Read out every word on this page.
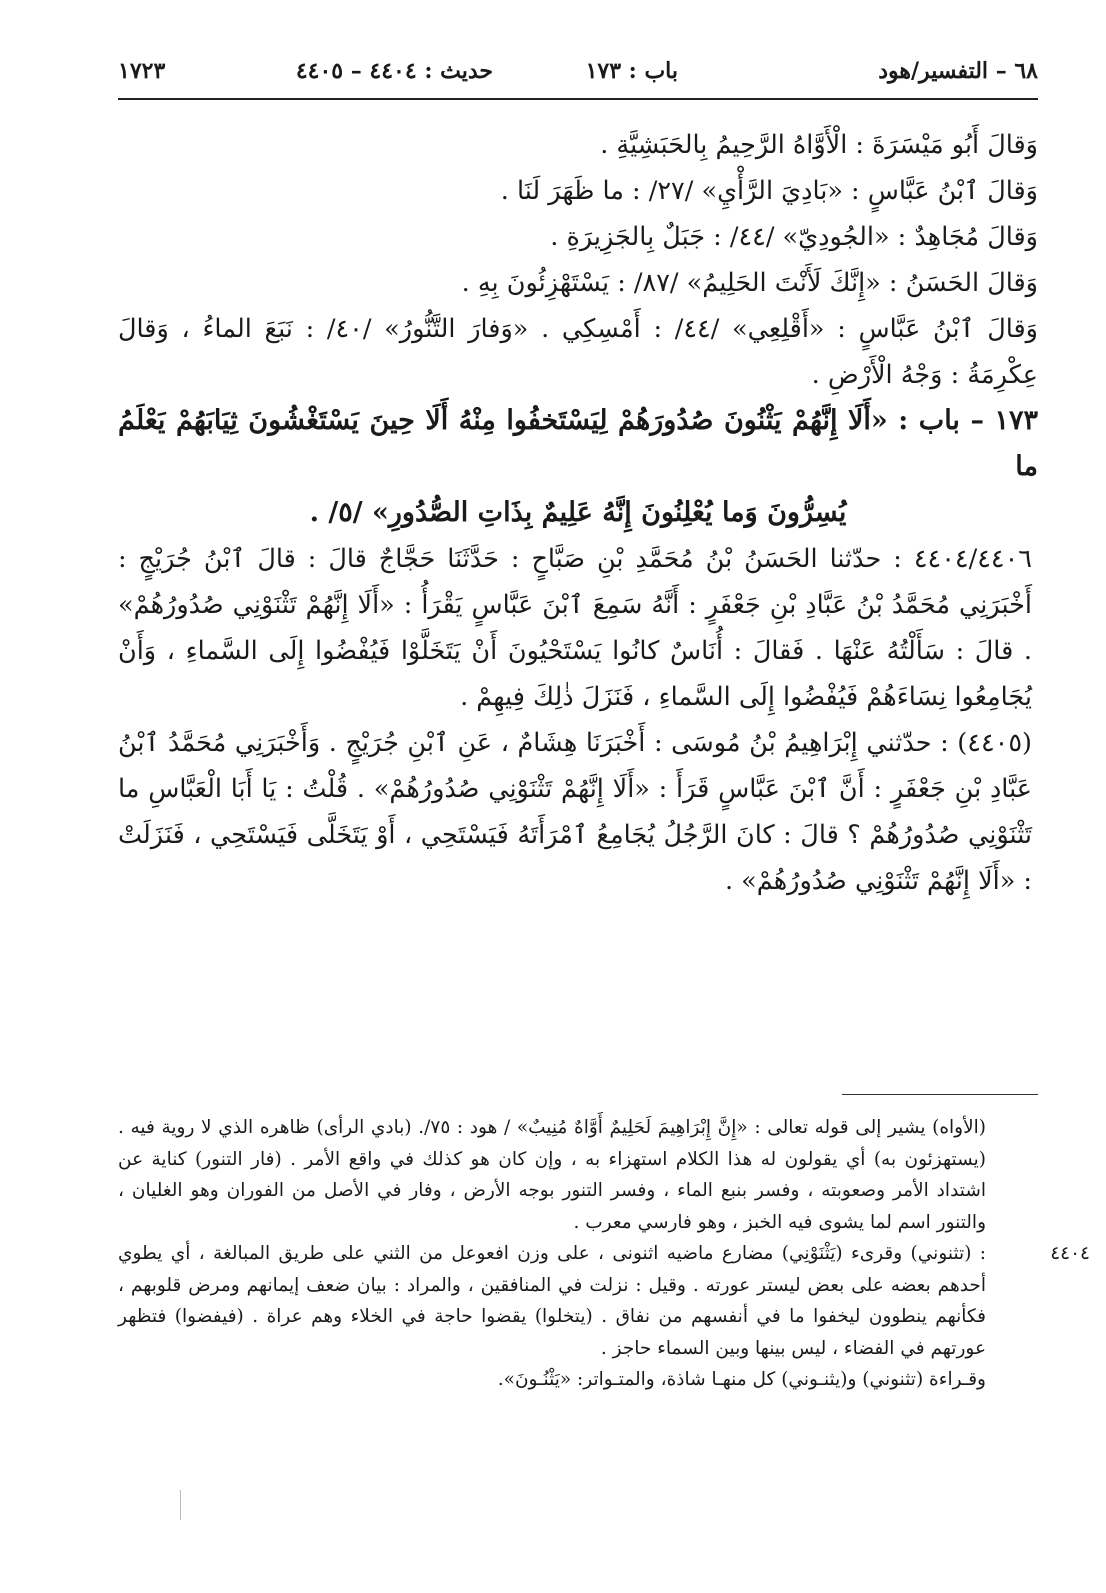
٦٨ – التفسير/هود
باب : ١٧٣
حديث : ٤٤٠٤ – ٤٤٠٥
١٧٢٣

وَقالَ أَبُو مَيْسَرَةَ : الْأَوَّاهُ الرَّحِيمُ بِالحَبَشِيَّةِ .

وَقالَ ٱبْنُ عَبَّاسٍ : «بَادِيَ الرَّأْيِ» /٢٧/ : ما ظَهَرَ لَنَا .

وَقالَ مُجَاهِدٌ : «الجُودِيّ» /٤٤/ : جَبَلٌ بِالجَزِيرَةِ .

وَقالَ الحَسَنُ : «إِنَّكَ لَأَنْتَ الحَلِيمُ» /٨٧/ : يَسْتَهْزِئُونَ بِهِ .

وَقالَ ٱبْنُ عَبَّاسٍ : «أَقْلِعِي» /٤٤/ : أَمْسِكِي . «وَفارَ التَّنُّورُ» /٤٠/ : نَبَعَ الماءُ ، وَقالَ عِكْرِمَةُ : وَجْهُ الْأَرْضِ .

١٧٣ – باب : «أَلَا إِنَّهُمْ يَثْنُونَ صُدُورَهُمْ لِيَسْتَخفُوا مِنْهُ أَلَا حِينَ يَسْتَغْشُونَ ثِيَابَهُمْ يَعْلَمُ ما
يُسِرُّونَ وَما يُعْلِنُونَ إِنَّهُ عَلِيمٌ بِذَاتِ الصُّدُورِ» /٥/ .

٤٤٠٤/٤٤٠٦ : حدّثنا الحَسَنُ بْنُ مُحَمَّدِ بْنِ صَبَّاحٍ : حَدَّثَنَا حَجَّاجٌ قالَ : قالَ ٱبْنُ جُرَيْجٍ : أَخْبَرَنِي مُحَمَّدُ بْنُ عَبَّادِ بْنِ جَعْفَرٍ : أَنَّهُ سَمِعَ ٱبْنَ عَبَّاسٍ يَقْرَأُ : «أَلَا إِنَّهُمْ تَثْنَوْنِي صُدُورُهُمْ» . قالَ : سَأَلْتُهُ عَنْهَا . فَقالَ : أُنَاسٌ كانُوا يَسْتَحْيُونَ أَنْ يَتَخَلَّوْا فَيُفْضُوا إِلَى السَّماءِ ، وَأَنْ يُجَامِعُوا نِسَاءَهُمْ فَيُفْضُوا إِلَى السَّماءِ ، فَنَزَلَ ذٰلِكَ فِيهِمْ .

(٤٤٠٥) : حدّثني إِبْرَاهِيمُ بْنُ مُوسَى : أَخْبَرَنَا هِشَامٌ ، عَنِ ٱبْنِ جُرَيْجٍ . وَأَخْبَرَنِي مُحَمَّدُ ٱبْنُ عَبَّادِ بْنِ جَعْفَرٍ : أَنَّ ٱبْنَ عَبَّاسٍ قَرَأَ : «أَلَا إِنَّهُمْ تَثْنَوْنِي صُدُورُهُمْ» . قُلْتُ : يَا أَبَا الْعَبَّاسِ ما تَثْنَوْنِي صُدُورُهُمْ ؟ قالَ : كانَ الرَّجُلُ يُجَامِعُ ٱمْرَأَتَهُ فَيَسْتَحِي ، أَوْ يَتَخَلَّى فَيَسْتَحِي ، فَنَزَلَتْ : «أَلَا إِنَّهُمْ تَثْنَوْنِي صُدُورُهُمْ» .

(الأواه) يشير إلى قوله تعالى : «إِنَّ إِبْرَاهِيمَ لَحَلِيمٌ أَوَّاهٌ مُنِيبٌ» / هود : ٧٥/. (بادي الرأى) ظاهره الذي لا روية فيه . (يستهزئون به) أي يقولون له هذا الكلام استهزاء به ، وإن كان هو كذلك في واقع الأمر . (فار التنور) كناية عن اشتداد الأمر وصعوبته ، وفسر بنبع الماء ، وفسر التنور بوجه الأرض ، وفار في الأصل من الفوران وهو الغليان ، والتنور اسم لما يشوى فيه الخبز ، وهو فارسي معرب .

٤٤٠٤
: (تثنوني) وقرىء (يَثْنَوْنِي) مضارع ماضيه اثنونى ، على وزن افعوعل من الثني على طريق المبالغة ، أي يطوي أحدهم بعضه على بعض ليستر عورته . وقيل : نزلت في المنافقين ، والمراد : بيان ضعف إيمانهم ومرض قلوبهم ، فكأنهم ينطوون ليخفوا ما في أنفسهم من نفاق . (يتخلوا) يقضوا حاجة في الخلاء وهم عراة . (فيفضوا) فتظهر عورتهم في الفضاء ، ليس بينها وبين السماء حاجز .

وقـراءة (تثنوني) و(يثنـوني) كل منهـا شاذة، والمتـواتر: «يَثْنُـونَ».
